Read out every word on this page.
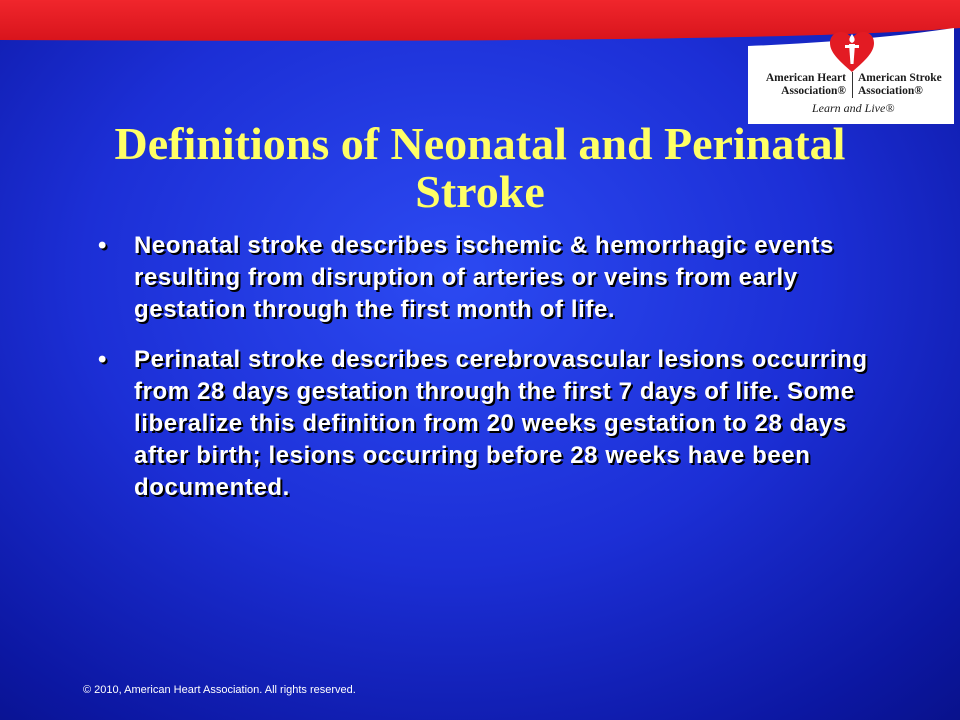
American Heart Association®
American Stroke Association®
Learn and Live®
Definitions of Neonatal and Perinatal Stroke
•	Neonatal stroke describes ischemic & hemorrhagic events resulting from disruption of arteries or veins from early gestation through the first month of life.
•	Perinatal stroke describes cerebrovascular lesions occurring from 28 days gestation through the first 7 days of life. Some liberalize this definition from 20 weeks gestation to 28 days after birth; lesions occurring before 28 weeks have been documented.
© 2010, American Heart Association. All rights reserved.
